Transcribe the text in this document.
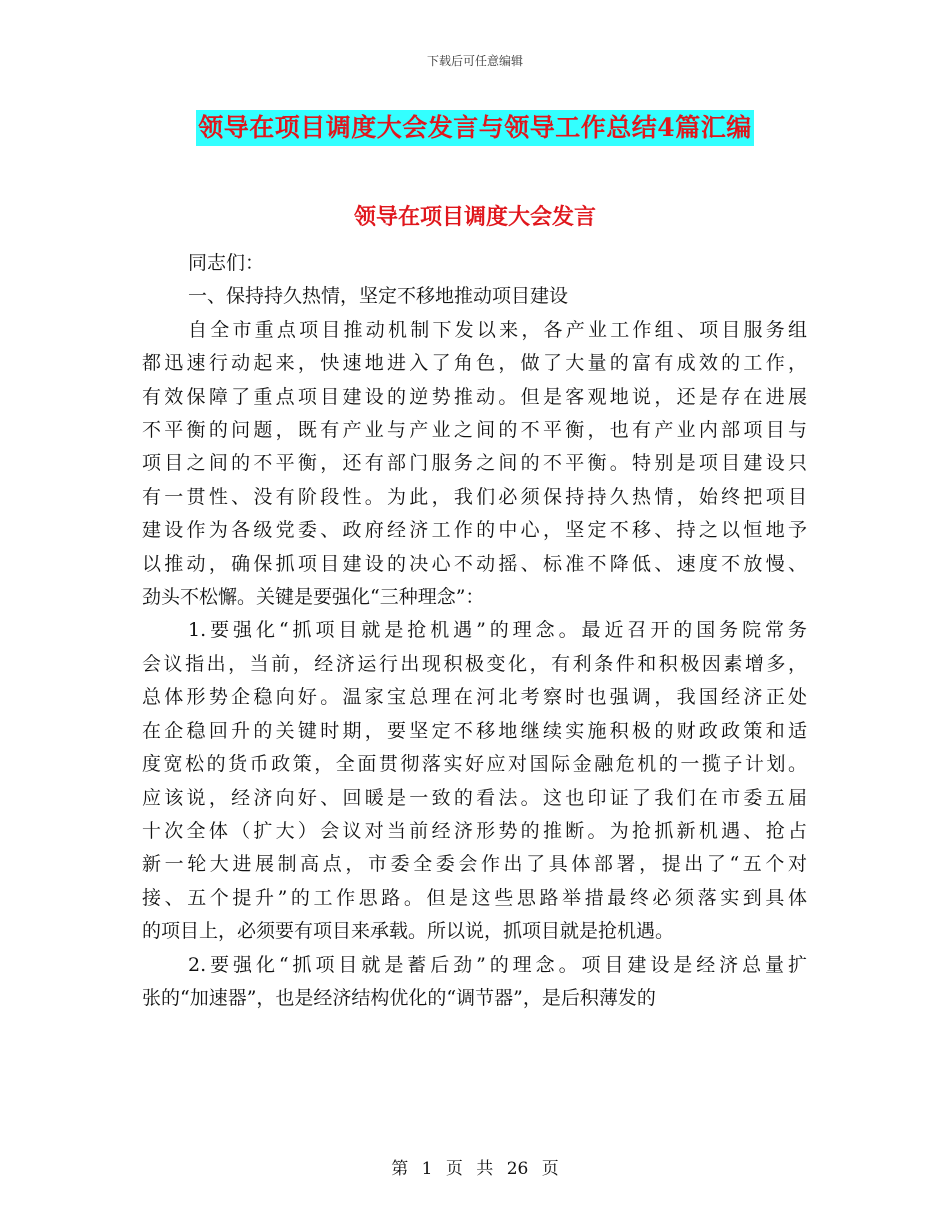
下载后可任意编辑
领导在项目调度大会发言与领导工作总结4篇汇编
领导在项目调度大会发言
同志们：
一、保持持久热情，坚定不移地推动项目建设
自全市重点项目推动机制下发以来，各产业工作组、项目服务组
都迅速行动起来，快速地进入了角色，做了大量的富有成效的工作，
有效保障了重点项目建设的逆势推动。但是客观地说，还是存在进展
不平衡的问题，既有产业与产业之间的不平衡，也有产业内部项目与
项目之间的不平衡，还有部门服务之间的不平衡。特别是项目建设只
有一贯性、没有阶段性。为此，我们必须保持持久热情，始终把项目
建设作为各级党委、政府经济工作的中心，坚定不移、持之以恒地予
以推动，确保抓项目建设的决心不动摇、标准不降低、速度不放慢、
劲头不松懈。关键是要强化“三种理念”：
1.要强化“抓项目就是抢机遇”的理念。最近召开的国务院常务
会议指出，当前，经济运行出现积极变化，有利条件和积极因素增多，
总体形势企稳向好。温家宝总理在河北考察时也强调，我国经济正处
在企稳回升的关键时期，要坚定不移地继续实施积极的财政政策和适
度宽松的货币政策，全面贯彻落实好应对国际金融危机的一揽子计划。
应该说，经济向好、回暖是一致的看法。这也印证了我们在市委五届
十次全体（扩大）会议对当前经济形势的推断。为抢抓新机遇、抢占
新一轮大进展制高点，市委全委会作出了具体部署，提出了“五个对
接、五个提升”的工作思路。但是这些思路举措最终必须落实到具体
的项目上，必须要有项目来承载。所以说，抓项目就是抢机遇。
2.要强化“抓项目就是蓄后劲”的理念。项目建设是经济总量扩
张的“加速器”，也是经济结构优化的“调节器”，是后积薄发的
第 1 页 共 26 页
